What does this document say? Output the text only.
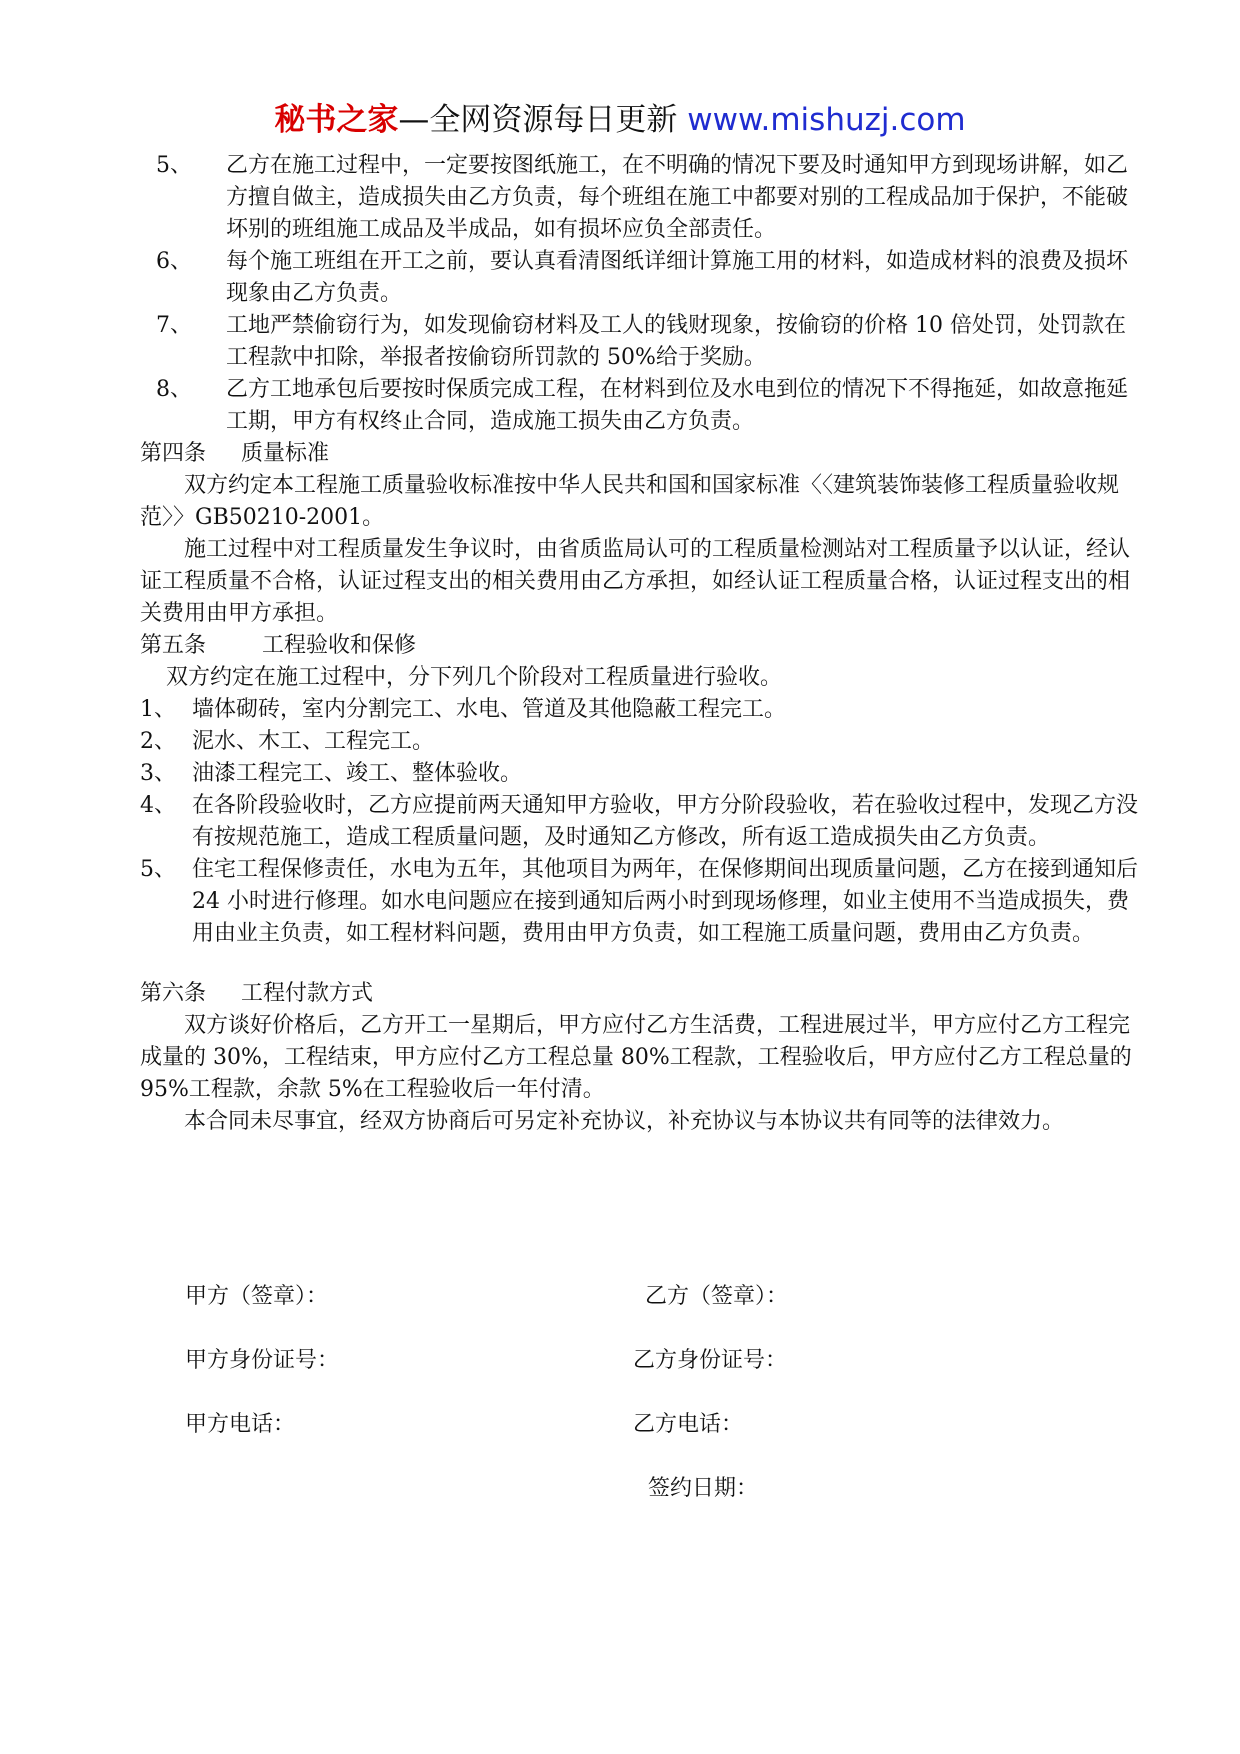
秘书之家—全网资源每日更新 www.mishuzj.com
5、	乙方在施工过程中，一定要按图纸施工，在不明确的情况下要及时通知甲方到现场讲解，如乙方擅自做主，造成损失由乙方负责，每个班组在施工中都要对别的工程成品加于保护，不能破坏别的班组施工成品及半成品，如有损坏应负全部责任。
6、	每个施工班组在开工之前，要认真看清图纸详细计算施工用的材料，如造成材料的浪费及损坏现象由乙方负责。
7、	工地严禁偷窃行为，如发现偷窃材料及工人的钱财现象，按偷窃的价格 10 倍处罚，处罚款在工程款中扣除，举报者按偷窃所罚款的 50%给于奖励。
8、	乙方工地承包后要按时保质完成工程，在材料到位及水电到位的情况下不得拖延，如故意拖延工期，甲方有权终止合同，造成施工损失由乙方负责。
第四条     质量标准
双方约定本工程施工质量验收标准按中华人民共和国和国家标准〈〈建筑装饰装修工程质量验收规范〉〉GB50210-2001。
施工过程中对工程质量发生争议时，由省质监局认可的工程质量检测站对工程质量予以认证，经认证工程质量不合格，认证过程支出的相关费用由乙方承担，如经认证工程质量合格，认证过程支出的相关费用由甲方承担。
第五条        工程验收和保修
双方约定在施工过程中，分下列几个阶段对工程质量进行验收。
1、 墙体砌砖，室内分割完工、水电、管道及其他隐蔽工程完工。
2、 泥水、木工、工程完工。
3、 油漆工程完工、竣工、整体验收。
4、 在各阶段验收时，乙方应提前两天通知甲方验收，甲方分阶段验收，若在验收过程中，发现乙方没有按规范施工，造成工程质量问题，及时通知乙方修改，所有返工造成损失由乙方负责。
5、 住宅工程保修责任，水电为五年，其他项目为两年，在保修期间出现质量问题，乙方在接到通知后 24 小时进行修理。如水电问题应在接到通知后两小时到现场修理，如业主使用不当造成损失，费用由业主负责，如工程材料问题，费用由甲方负责，如工程施工质量问题，费用由乙方负责。
第六条     工程付款方式
双方谈好价格后，乙方开工一星期后，甲方应付乙方生活费，工程进展过半，甲方应付乙方工程完成量的 30%，工程结束，甲方应付乙方工程总量 80%工程款，工程验收后，甲方应付乙方工程总量的 95%工程款，余款 5%在工程验收后一年付清。
本合同未尽事宜，经双方协商后可另定补充协议，补充协议与本协议共有同等的法律效力。
甲方（签章）：	乙方（签章）：
甲方身份证号：	乙方身份证号：
甲方电话：	乙方电话：
签约日期：
